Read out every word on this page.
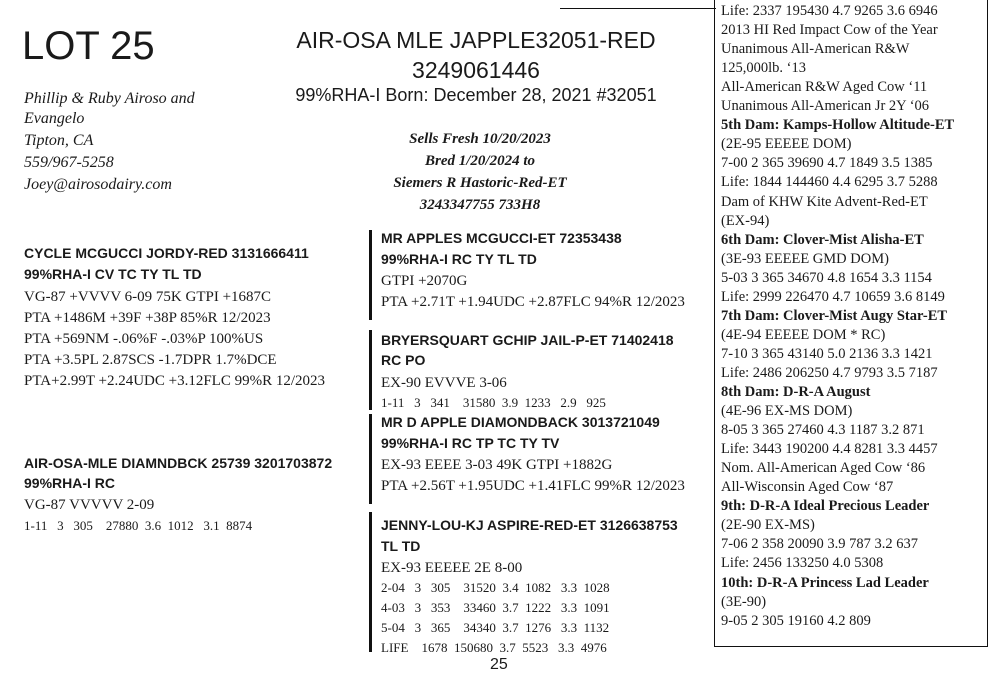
LOT 25	AIR-OSA MLE JAPPLE32051-RED
3249061446
99%RHA-I Born: December 28, 2021 #32051
Phillip & Ruby Airoso and
Evangelo
Tipton, CA
559/967-5258
Joey@airosodairy.com
Sells Fresh 10/20/2023
Bred 1/20/2024 to
Siemers R Hastoric-Red-ET
3243347755 733H8
CYCLE MCGUCCI JORDY-RED 3131666411
99%RHA-I CV TC TY TL TD
VG-87 +VVVV 6-09 75K GTPI +1687C
PTA +1486M +39F +38P 85%R 12/2023
PTA +569NM -.06%F -.03%P 100%US
PTA +3.5PL 2.87SCS -1.7DPR 1.7%DCE
PTA+2.99T +2.24UDC +3.12FLC 99%R 12/2023
AIR-OSA-MLE DIAMNDBCK 25739 3201703872
99%RHA-I RC
VG-87 VVVVV 2-09
1-11   3   305    27880  3.6  1012   3.1  8874
MR APPLES MCGUCCI-ET 72353438
99%RHA-I RC TY TL TD
GTPI +2070G
PTA +2.71T +1.94UDC +2.87FLC 94%R 12/2023
BRYERSQUART GCHIP JAIL-P-ET 71402418
RC PO
EX-90 EVVVE 3-06
1-11   3   341    31580  3.9  1233   2.9   925
MR D APPLE DIAMONDBACK 3013721049
99%RHA-I RC TP TC TY TV
EX-93 EEEE 3-03 49K GTPI +1882G
PTA +2.56T +1.95UDC +1.41FLC 99%R 12/2023
JENNY-LOU-KJ ASPIRE-RED-ET 3126638753
TL TD
EX-93 EEEEE 2E 8-00
2-04   3   305    31520  3.4  1082   3.3  1028
4-03   3   353    33460  3.7  1222   3.3  1091
5-04   3   365    34340  3.7  1276   3.3  1132
LIFE    1678  150680  3.7  5523   3.3  4976
Life: 2337 195430 4.7 9265 3.6 6946
2013 HI Red Impact Cow of the Year
Unanimous All-American R&W
125,000lb. ‘13
All-American R&W Aged Cow ‘11
Unanimous All-American Jr 2Y ‘06
5th Dam: Kamps-Hollow Altitude-ET
(2E-95 EEEEE DOM)
7-00 2 365 39690 4.7 1849 3.5 1385
Life: 1844 144460 4.4 6295 3.7 5288
Dam of KHW Kite Advent-Red-ET
(EX-94)
6th Dam: Clover-Mist Alisha-ET
(3E-93 EEEEE GMD DOM)
5-03 3 365 34670 4.8 1654 3.3 1154
Life: 2999 226470 4.7 10659 3.6 8149
7th Dam: Clover-Mist Augy Star-ET
(4E-94 EEEEE DOM * RC)
7-10 3 365 43140 5.0 2136 3.3 1421
Life: 2486 206250 4.7 9793 3.5 7187
8th Dam: D-R-A August
(4E-96 EX-MS DOM)
8-05 3 365 27460 4.3 1187 3.2 871
Life: 3443 190200 4.4 8281 3.3 4457
Nom. All-American Aged Cow ‘86
All-Wisconsin Aged Cow ‘87
9th: D-R-A Ideal Precious Leader
(2E-90 EX-MS)
7-06 2 358 20090 3.9 787 3.2 637
Life: 2456 133250 4.0 5308
10th: D-R-A Princess Lad Leader
(3E-90)
9-05 2 305 19160 4.2 809
25
